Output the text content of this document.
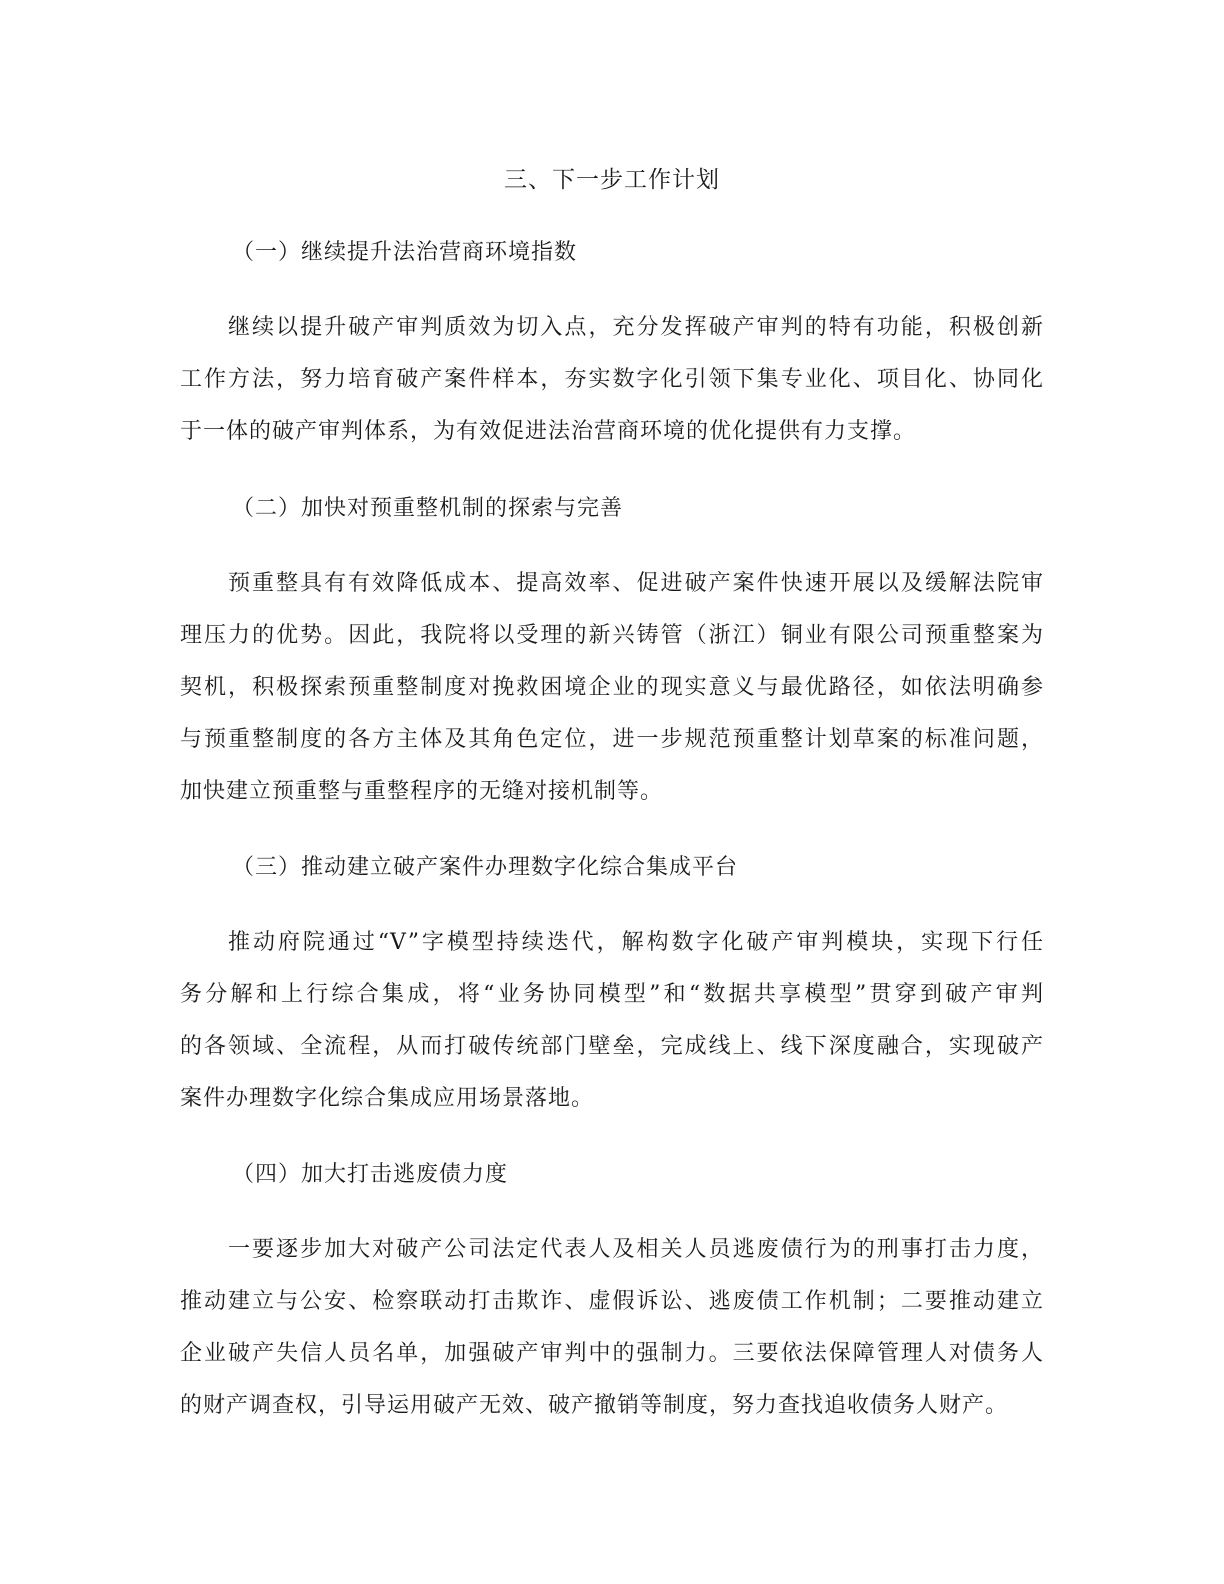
三、下一步工作计划
（一）继续提升法治营商环境指数
继续以提升破产审判质效为切入点，充分发挥破产审判的特有功能，积极创新
工作方法，努力培育破产案件样本，夯实数字化引领下集专业化、项目化、协同化
于一体的破产审判体系，为有效促进法治营商环境的优化提供有力支撑。
（二）加快对预重整机制的探索与完善
预重整具有有效降低成本、提高效率、促进破产案件快速开展以及缓解法院审
理压力的优势。因此，我院将以受理的新兴铸管（浙江）铜业有限公司预重整案为
契机，积极探索预重整制度对挽救困境企业的现实意义与最优路径，如依法明确参
与预重整制度的各方主体及其角色定位，进一步规范预重整计划草案的标准问题，
加快建立预重整与重整程序的无缝对接机制等。
（三）推动建立破产案件办理数字化综合集成平台
推动府院通过“V”字模型持续迭代，解构数字化破产审判模块，实现下行任
务分解和上行综合集成，将“业务协同模型”和“数据共享模型”贯穿到破产审判
的各领域、全流程，从而打破传统部门壁垒，完成线上、线下深度融合，实现破产
案件办理数字化综合集成应用场景落地。
（四）加大打击逃废债力度
一要逐步加大对破产公司法定代表人及相关人员逃废债行为的刑事打击力度，
推动建立与公安、检察联动打击欺诈、虚假诉讼、逃废债工作机制；二要推动建立
企业破产失信人员名单，加强破产审判中的强制力。三要依法保障管理人对债务人
的财产调查权，引导运用破产无效、破产撤销等制度，努力查找追收债务人财产。
